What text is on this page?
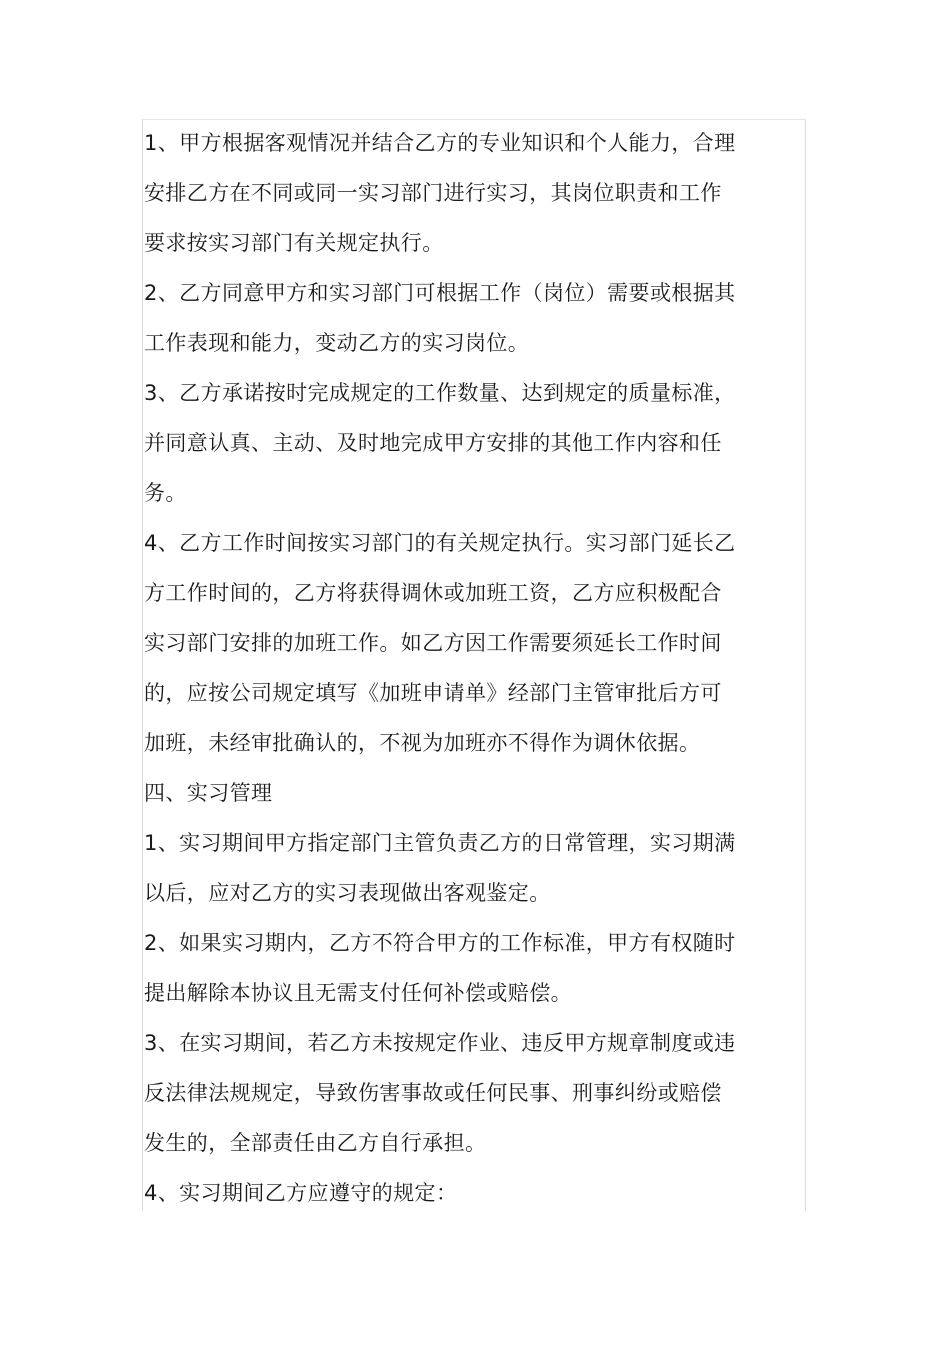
1、甲方根据客观情况并结合乙方的专业知识和个人能力，合理
安排乙方在不同或同一实习部门进行实习，其岗位职责和工作
要求按实习部门有关规定执行。
2、乙方同意甲方和实习部门可根据工作（岗位）需要或根据其
工作表现和能力，变动乙方的实习岗位。
3、乙方承诺按时完成规定的工作数量、达到规定的质量标准，
并同意认真、主动、及时地完成甲方安排的其他工作内容和任
务。
4、乙方工作时间按实习部门的有关规定执行。实习部门延长乙
方工作时间的，乙方将获得调休或加班工资，乙方应积极配合
实习部门安排的加班工作。如乙方因工作需要须延长工作时间
的，应按公司规定填写《加班申请单》经部门主管审批后方可
加班，未经审批确认的，不视为加班亦不得作为调休依据。
四、实习管理
1、实习期间甲方指定部门主管负责乙方的日常管理，实习期满
以后，应对乙方的实习表现做出客观鉴定。
2、如果实习期内，乙方不符合甲方的工作标准，甲方有权随时
提出解除本协议且无需支付任何补偿或赔偿。
3、在实习期间，若乙方未按规定作业、违反甲方规章制度或违
反法律法规规定，导致伤害事故或任何民事、刑事纠纷或赔偿
发生的，全部责任由乙方自行承担。
4、实习期间乙方应遵守的规定：
